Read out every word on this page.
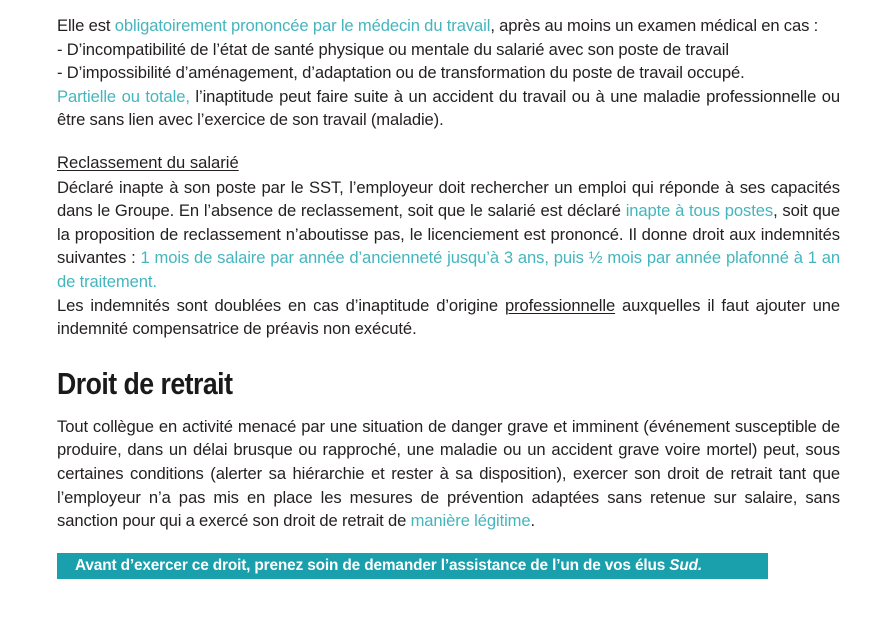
Elle est obligatoirement prononcée par le médecin du travail, après au moins un examen médical en cas :

- D’incompatibilité de l’état de santé physique ou mentale du salarié avec son poste de travail

- D’impossibilité d’aménagement, d’adaptation ou de transformation du poste de travail occupé.

Partielle ou totale, l’inaptitude peut faire suite à un accident du travail ou à une maladie professionnelle ou être sans lien avec l’exercice de son travail (maladie).

Reclassement du salarié

Déclaré inapte à son poste par le SST, l’employeur doit rechercher un emploi qui réponde à ses capacités dans le Groupe. En l’absence de reclassement, soit que le salarié est déclaré inapte à tous postes, soit que la proposition de reclassement n’aboutisse pas, le licenciement est prononcé. Il donne droit aux indemnités suivantes : 1 mois de salaire par année d’ancienneté jusqu’à 3 ans, puis ½ mois par année plafonné à 1 an de traitement.

Les indemnités sont doublées en cas d’inaptitude d’origine professionnelle auxquelles il faut ajouter une indemnité compensatrice de préavis non exécuté.

Droit de retrait

Tout collègue en activité menacé par une situation de danger grave et imminent (événement susceptible de produire, dans un délai brusque ou rapproché, une maladie ou un accident grave voire mortel) peut, sous certaines conditions (alerter sa hiérarchie et rester à sa disposition), exercer son droit de retrait tant que l’employeur n’a pas mis en place les mesures de prévention adaptées sans retenue sur salaire, sans sanction pour qui a exercé son droit de retrait de manière légitime.

Avant d’exercer ce droit, prenez soin de demander l’assistance de l’un de vos élus Sud.
